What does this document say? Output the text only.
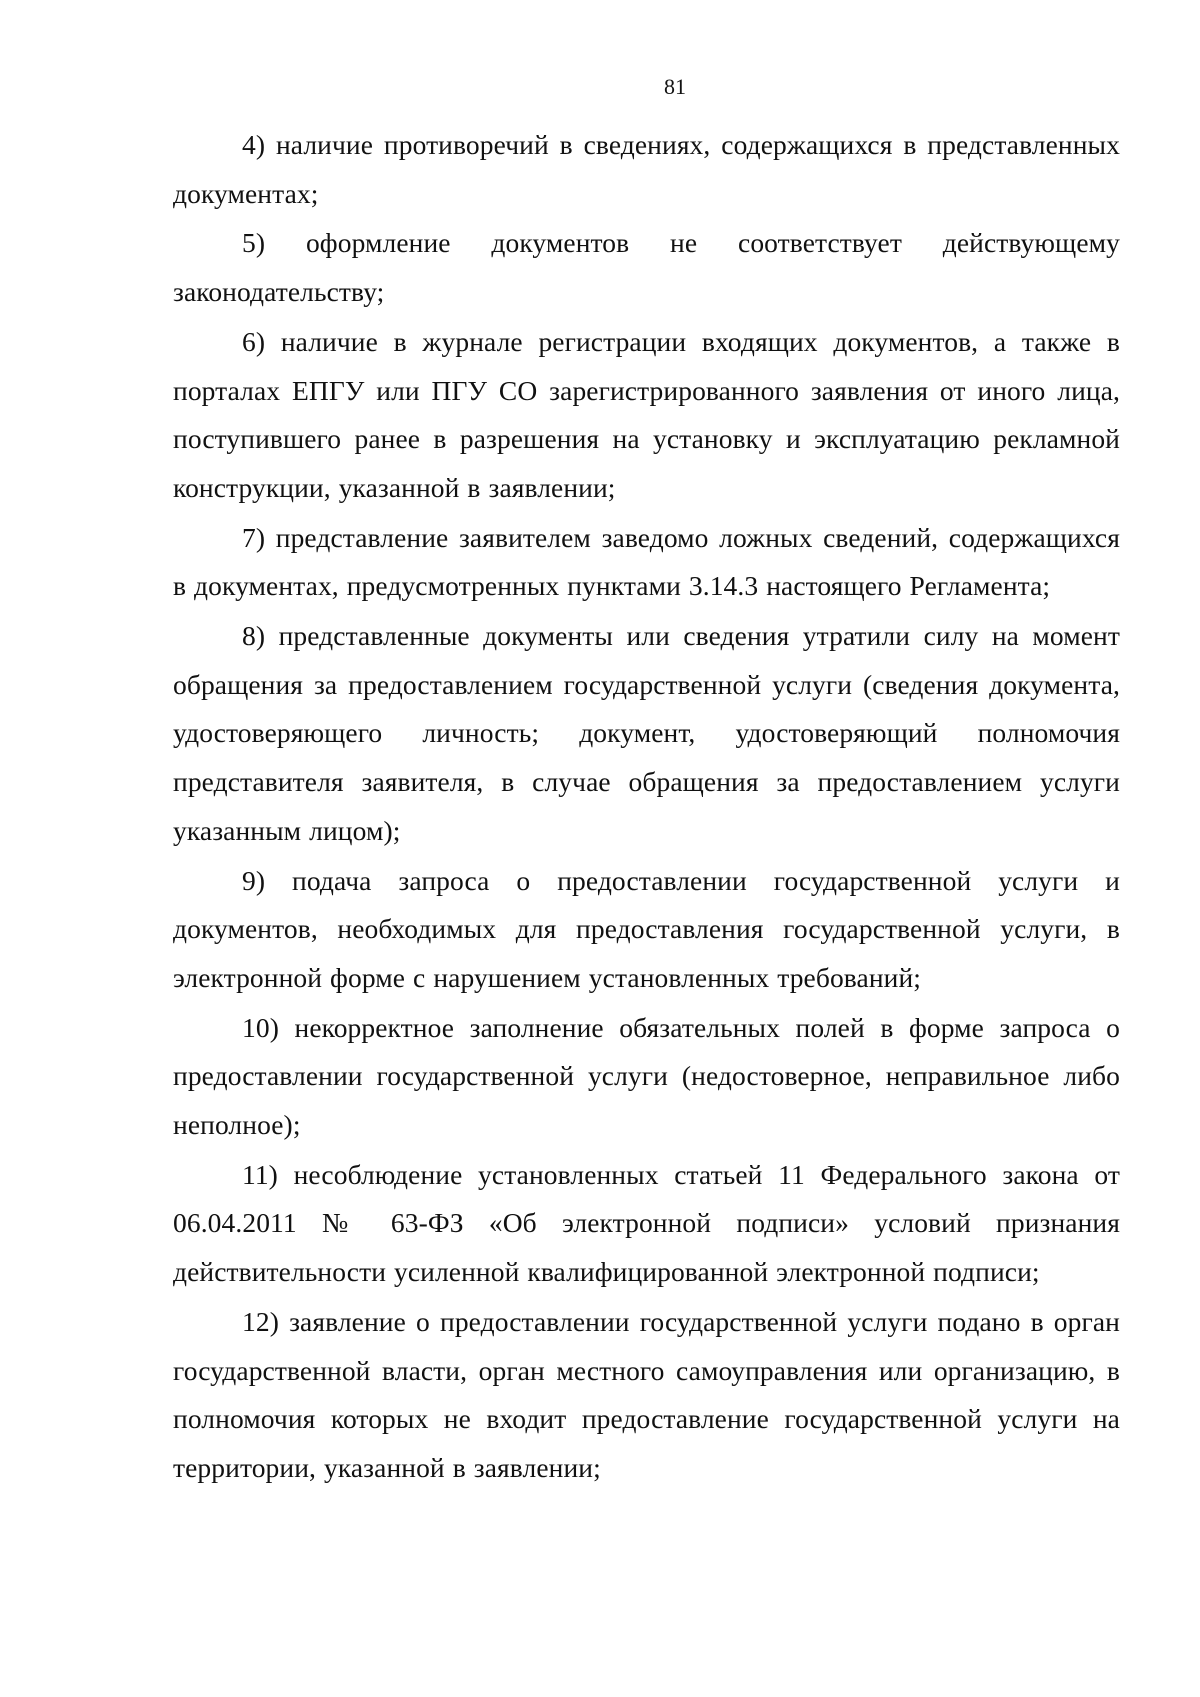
81

4) наличие противоречий в сведениях, содержащихся в представленных документах;

5) оформление документов не соответствует действующему законодательству;

6) наличие в журнале регистрации входящих документов, а также в порталах ЕПГУ или ПГУ СО зарегистрированного заявления от иного лица, поступившего ранее в разрешения на установку и эксплуатацию рекламной конструкции, указанной в заявлении;

7) представление заявителем заведомо ложных сведений, содержащихся в документах, предусмотренных пунктами 3.14.3 настоящего Регламента;

8) представленные документы или сведения утратили силу на момент обращения за предоставлением государственной услуги (сведения документа, удостоверяющего личность; документ, удостоверяющий полномочия представителя заявителя, в случае обращения за предоставлением услуги указанным лицом);

9) подача запроса о предоставлении государственной услуги и документов, необходимых для предоставления государственной услуги, в электронной форме с нарушением установленных требований;

10) некорректное заполнение обязательных полей в форме запроса о предоставлении государственной услуги (недостоверное, неправильное либо неполное);

11) несоблюдение установленных статьей 11 Федерального закона от 06.04.2011 № 63-ФЗ «Об электронной подписи» условий признания действительности усиленной квалифицированной электронной подписи;

12) заявление о предоставлении государственной услуги подано в орган государственной власти, орган местного самоуправления или организацию, в полномочия которых не входит предоставление государственной услуги на территории, указанной в заявлении;
